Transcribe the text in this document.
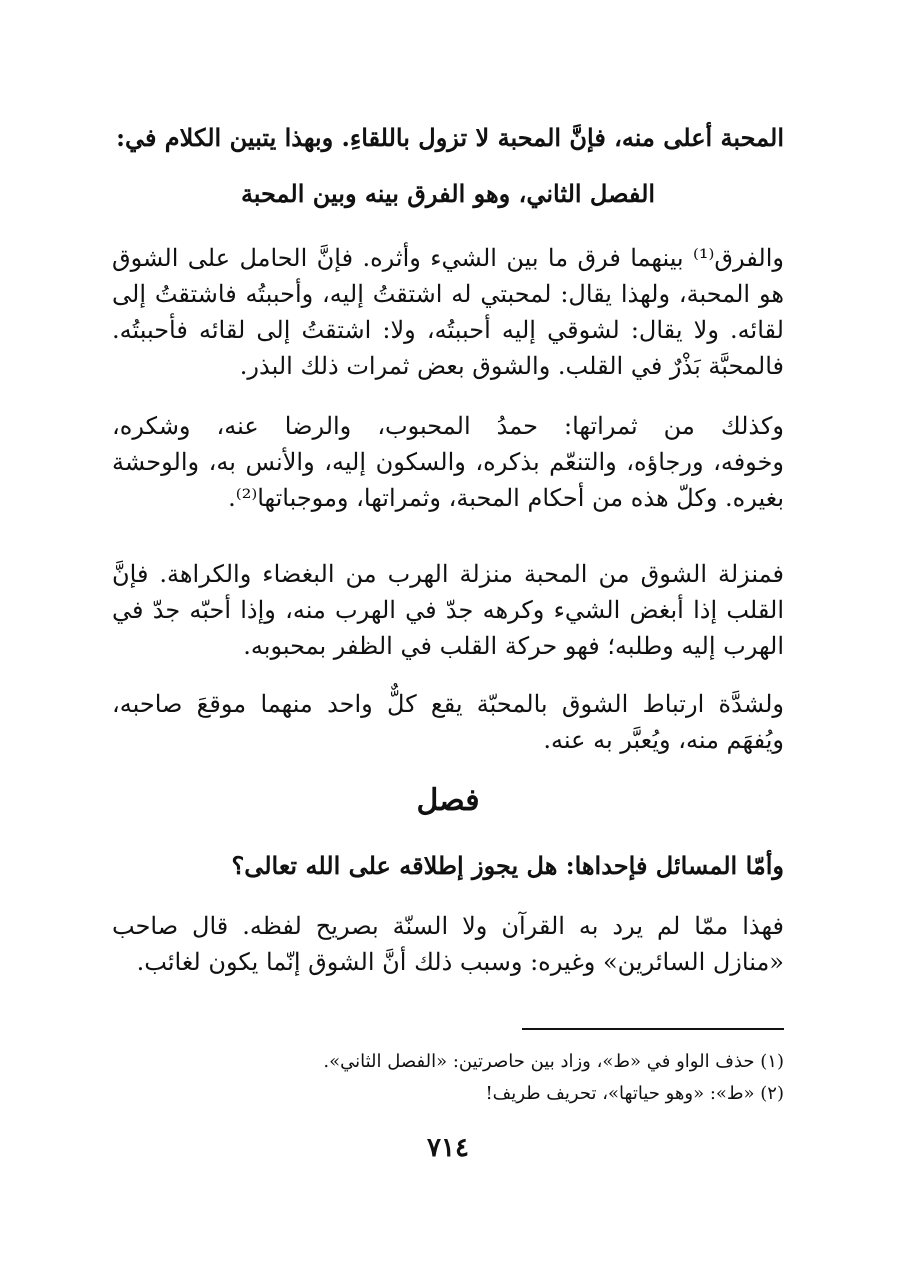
المحبة أعلى منه، فإنَّ المحبة لا تزول باللقاءِ. وبهذا يتبين الكلام في:
الفصل الثاني، وهو الفرق بينه وبين المحبة
والفرق⁽¹⁾ بينهما فرق ما بين الشيء وأثره. فإنَّ الحامل على الشوق
هو المحبة، ولهذا يقال: لمحبتي له اشتقتُ إليه، وأحببتُه فاشتقتُ إلى
لقائه. ولا يقال: لشوقي إليه أحببتُه، ولا: اشتقتُ إلى لقائه فأحببتُه.
فالمحبَّة بَذْرٌ في القلب. والشوق بعض ثمرات ذلك البذر.
وكذلك من ثمراتها: حمدُ المحبوب، والرضا عنه، وشكره،
وخوفه، ورجاؤه، والتنعّم بذكره، والسكون إليه، والأنس به، والوحشة
بغيره. وكلّ هذه من أحكام المحبة، وثمراتها، وموجباتها⁽²⁾.
فمنزلة الشوق من المحبة منزلة الهرب من البغضاء والكراهة. فإنَّ
القلب إذا أبغض الشيء وكرهه جدّ في الهرب منه، وإذا أحبّه جدّ في
الهرب إليه وطلبه؛ فهو حركة القلب في الظفر بمحبوبه.
ولشدَّة ارتباط الشوق بالمحبّة يقع كلٌّ واحد منهما موقعَ صاحبه،
ويُفهَم منه، ويُعبَّر به عنه.
فصل
وأمّا المسائل فإحداها: هل يجوز إطلاقه على الله تعالى؟
فهذا ممّا لم يرد به القرآن ولا السنّة بصريح لفظه. قال صاحب
«منازل السائرين» وغيره: وسبب ذلك أنَّ الشوق إنّما يكون لغائب.
(١) حذف الواو في «ط»، وزاد بين حاصرتين: «الفصل الثاني».
(٢) «ط»: «وهو حياتها»، تحريف طريف!
٧١٤
